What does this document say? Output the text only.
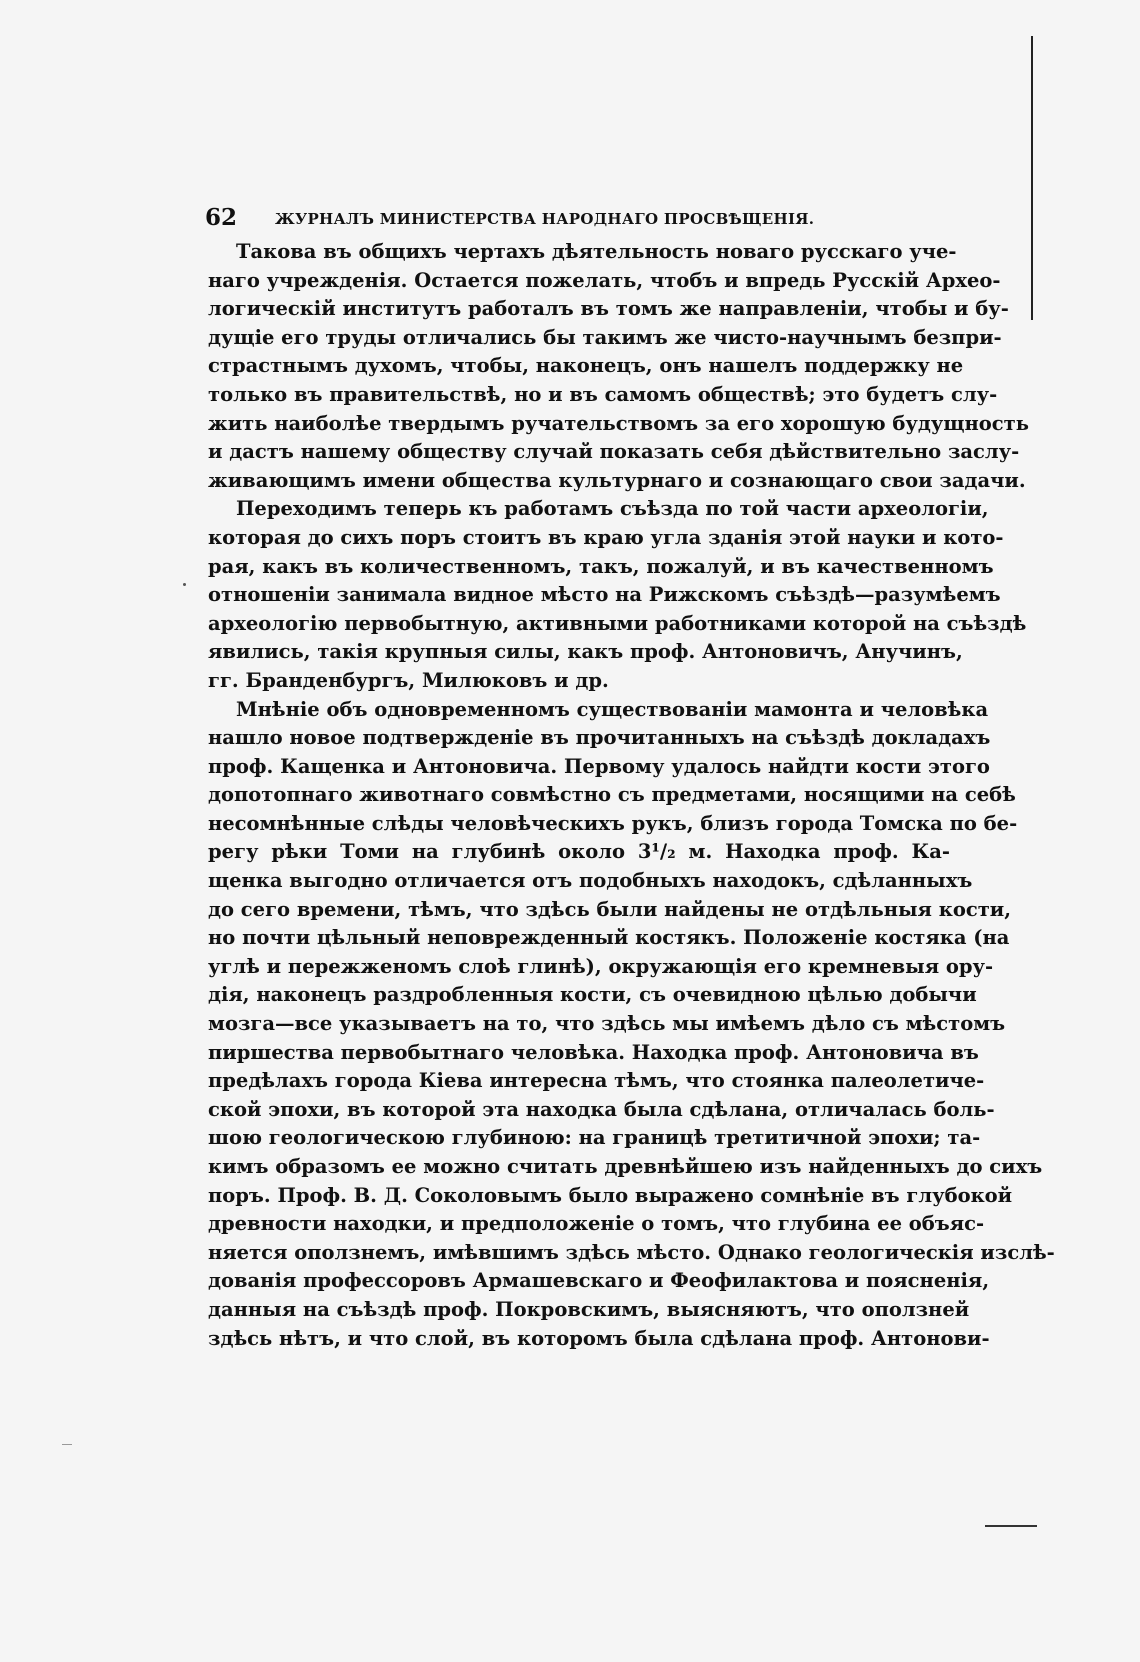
62	ЖУРНАЛЪ МИНИСТЕРСТВА НАРОДНАГО ПРОСВѢЩЕНІЯ.
Такова въ общихъ чертахъ дѣятельность новаго русскаго уче-
наго учрежденія. Остается пожелать, чтобъ и впредь Русскій Архео-
логическій институтъ работалъ въ томъ же направленіи, чтобы и бу-
дущіе его труды отличались бы такимъ же чисто-научнымъ безпри-
страстнымъ духомъ, чтобы, наконецъ, онъ нашелъ поддержку не
только въ правительствѣ, но и въ самомъ обществѣ; это будетъ слу-
жить наиболѣе твердымъ ручательствомъ за его хорошую будущность
и дастъ нашему обществу случай показать себя дѣйствительно заслу-
живающимъ имени общества культурнаго и сознающаго свои задачи.
Переходимъ теперь къ работамъ съѣзда по той части археологіи,
которая до сихъ поръ стоитъ въ краю угла зданія этой науки и кото-
рая, какъ въ количественномъ, такъ, пожалуй, и въ качественномъ
отношеніи занимала видное мѣсто на Рижскомъ съѣздѣ—разумѣемъ
археологію первобытную, активными работниками которой на съѣздѣ
явились, такія крупныя силы, какъ проф. Антоновичъ, Анучинъ,
гг. Бранденбургъ, Милюковъ и др.
Мнѣніе объ одновременномъ существованіи мамонта и человѣка
нашло новое подтвержденіе въ прочитанныхъ на съѣздѣ докладахъ
проф. Кащенка и Антоновича. Первому удалось найдти кости этого
допотопнаго животнаго совмѣстно съ предметами, носящими на себѣ
несомнѣнные слѣды человѣческихъ рукъ, близъ города Томска по бе-
регу рѣки Томи на глубинѣ около 3¹/₂ м. Находка проф. Ка-
щенка выгодно отличается отъ подобныхъ находокъ, сдѣланныхъ
до сего времени, тѣмъ, что здѣсь были найдены не отдѣльныя кости,
но почти цѣльный неповрежденный костякъ. Положеніе костяка (на
углѣ и пережженомъ слоѣ глинѣ), окружающія его кремневыя ору-
дія, наконецъ раздробленныя кости, съ очевидною цѣлью добычи
мозга—все указываетъ на то, что здѣсь мы имѣемъ дѣло съ мѣстомъ
пиршества первобытнаго человѣка. Находка проф. Антоновича въ
предѣлахъ города Кіева интересна тѣмъ, что стоянка палеолетиче-
ской эпохи, въ которой эта находка была сдѣлана, отличалась боль-
шою геологическою глубиною: на границѣ третитичной эпохи; та-
кимъ образомъ ее можно считать древнѣйшею изъ найденныхъ до сихъ
поръ. Проф. В. Д. Соколовымъ было выражено сомнѣніе въ глубокой
древности находки, и предположеніе о томъ, что глубина ее объяс-
няется оползнемъ, имѣвшимъ здѣсь мѣсто. Однако геологическія изслѣ-
дованія профессоровъ Армашевскаго и Феофилактова и поясненія,
данныя на съѣздѣ проф. Покровскимъ, выясняютъ, что оползней
здѣсь нѣтъ, и что слой, въ которомъ была сдѣлана проф. Антонови-
